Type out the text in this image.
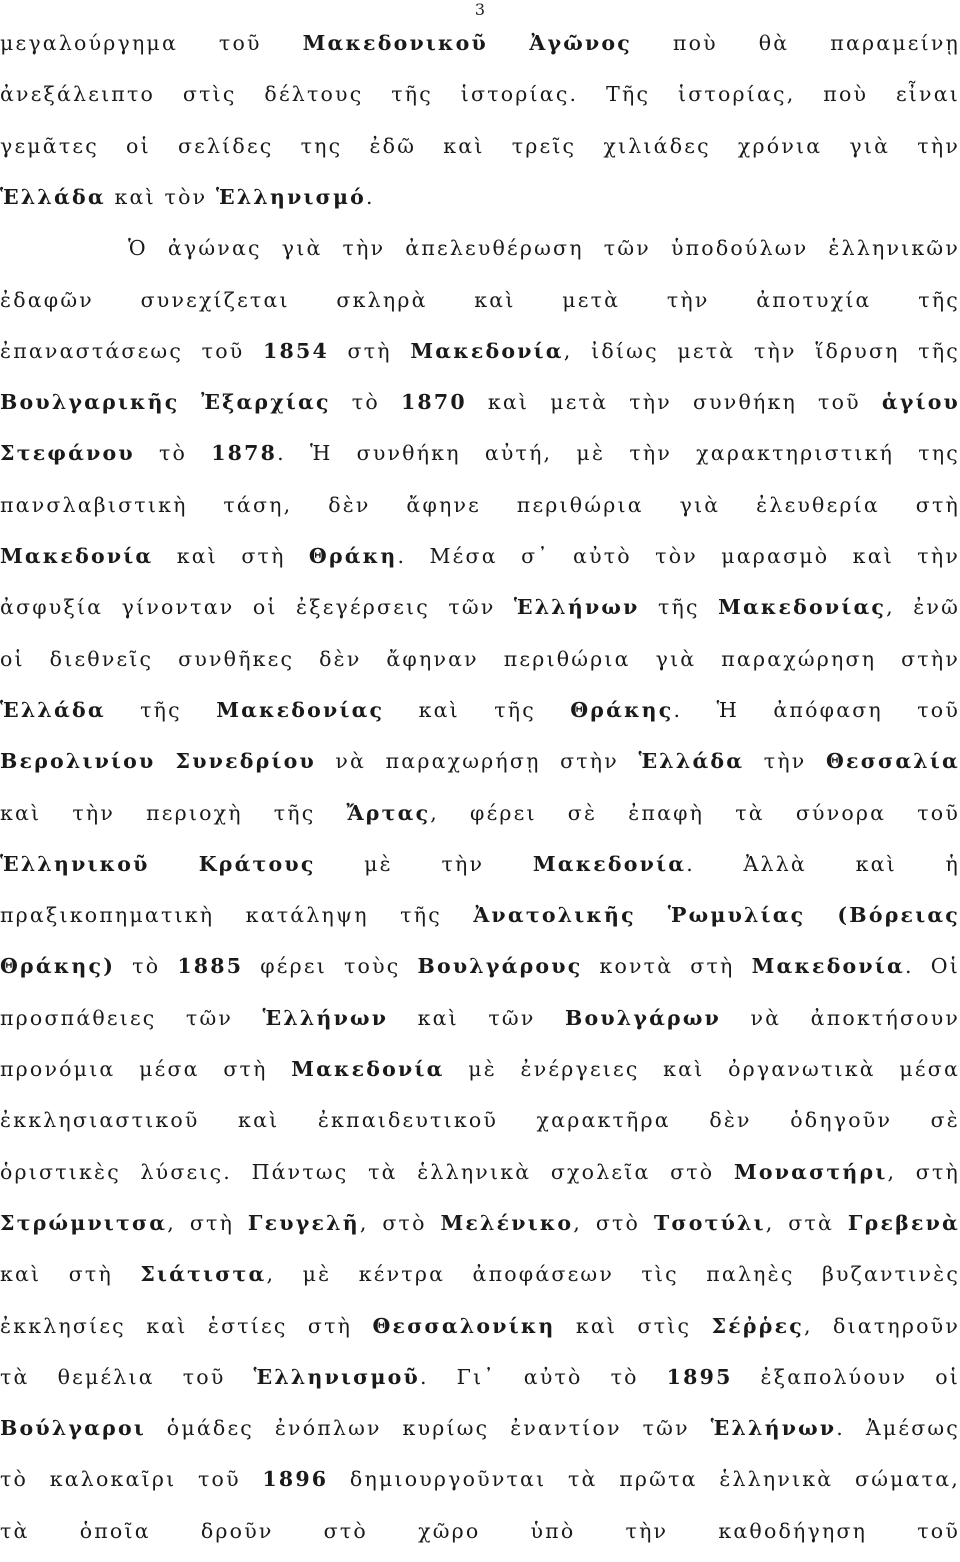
3
μεγαλούργημα τοῦ Μακεδονικοῦ Ἀγῶνος ποὺ θὰ παραμείνῃ
ἀνεξάλειπτο στὶς δέλτους τῆς ἱστορίας. Τῆς ἱστορίας, ποὺ εἶναι
γεμᾶτες οἱ σελίδες της ἐδῶ καὶ τρεῖς χιλιάδες χρόνια γιὰ τὴν
Ἑλλάδα καὶ τὸν Ἑλληνισμό.
Ὁ ἀγώνας γιὰ τὴν ἀπελευθέρωση τῶν ὑποδούλων ἑλληνικῶν
ἐδαφῶν συνεχίζεται σκληρὰ καὶ μετὰ τὴν ἀποτυχία τῆς
ἐπαναστάσεως τοῦ 1854 στὴ Μακεδονία, ἰδίως μετὰ τὴν ἵδρυση τῆς
Βουλγαρικῆς Ἐξαρχίας τὸ 1870 καὶ μετὰ τὴν συνθήκη τοῦ ἁγίου
Στεφάνου τὸ 1878. Ἡ συνθήκη αὐτή, μὲ τὴν χαρακτηριστική της
πανσλαβιστικὴ τάση, δὲν ἄφηνε περιθώρια γιὰ ἐλευθερία στὴ
Μακεδονία καὶ στὴ Θράκη. Μέσα σ᾽ αὐτὸ τὸν μαρασμὸ καὶ τὴν
ἀσφυξία γίνονταν οἱ ἐξεγέρσεις τῶν Ἑλλήνων τῆς Μακεδονίας, ἐνῶ
οἱ διεθνεῖς συνθῆκες δὲν ἄφηναν περιθώρια γιὰ παραχώρηση στὴν
Ἑλλάδα τῆς Μακεδονίας καὶ τῆς Θράκης. Ἡ ἀπόφαση τοῦ
Βερολινίου Συνεδρίου νὰ παραχωρήσῃ στὴν Ἑλλάδα τὴν Θεσσαλία
καὶ τὴν περιοχὴ τῆς Ἄρτας, φέρει σὲ ἐπαφὴ τὰ σύνορα τοῦ
Ἑλληνικοῦ Κράτους μὲ τὴν Μακεδονία. Ἀλλὰ καὶ ἡ
πραξικοπηματικὴ κατάληψη τῆς Ἀνατολικῆς Ῥωμυλίας (Βόρειας
Θράκης) τὸ 1885 φέρει τοὺς Βουλγάρους κοντὰ στὴ Μακεδονία. Οἱ
προσπάθειες τῶν Ἑλλήνων καὶ τῶν Βουλγάρων νὰ ἀποκτήσουν
προνόμια μέσα στὴ Μακεδονία μὲ ἐνέργειες καὶ ὀργανωτικὰ μέσα
ἐκκλησιαστικοῦ καὶ ἐκπαιδευτικοῦ χαρακτῆρα δὲν ὁδηγοῦν σὲ
ὁριστικὲς λύσεις. Πάντως τὰ ἑλληνικὰ σχολεῖα στὸ Μοναστήρι, στὴ
Στρώμνιτσα, στὴ Γευγελῆ, στὸ Μελένικο, στὸ Τσοτύλι, στὰ Γρεβενὰ
καὶ στὴ Σιάτιστα, μὲ κέντρα ἀποφάσεων τὶς παληὲς βυζαντινὲς
ἐκκλησίες καὶ ἑστίες στὴ Θεσσαλονίκη καὶ στὶς Σέῤῥες, διατηροῦν
τὰ θεμέλια τοῦ Ἑλληνισμοῦ. Γι᾽ αὐτὸ τὸ 1895 ἐξαπολύουν οἱ
Βούλγαροι ὁμάδες ἐνόπλων κυρίως ἐναντίον τῶν Ἑλλήνων. Ἀμέσως
τὸ καλοκαῖρι τοῦ 1896 δημιουργοῦνται τὰ πρῶτα ἑλληνικὰ σώματα,
τὰ ὁποῖα δροῦν στὸ χῶρο ὑπὸ τὴν καθοδήγηση τοῦ
